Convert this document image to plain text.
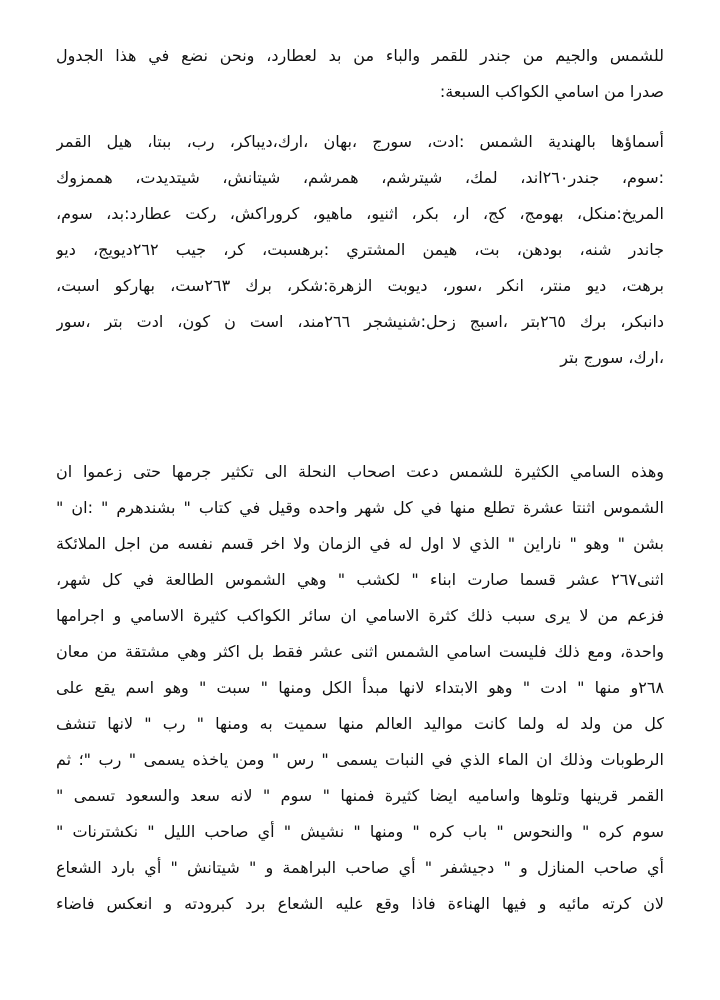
للشمس والجيم من جندر للقمر والباء من بد لعطارد، ونحن نضع في هذا الجدول
صدرا من اسامي الكواكب السبعة:
أسماؤها بالهندية الشمس :ادت، سورج ،بهان ،ارك،ديباكر، رب، ببتا، هيل القمر
:سوم، جندر٢٦٠اند، لمك، شيترشم، همرشم، شيتانش، شيتديدت، هممزوك
المريخ:منكل، بهومج، كج، ار، بكر، اثنيو، ماهيو، كروراكش، ركت عطارد:بد، سوم،
جاندر شنه، بودهن، بت، هيمن المشتري :برهسبت، كر، جيب ٢٦٢ديويج، ديو
برهت، ديو منتر، انكر ،سور، ديوبت الزهرة:شكر، برك ٢٦٣ست، بهاركو اسبت،
دانبكر، برك ٢٦٥بتر ،اسبج زحل:شنيشجر ٢٦٦مند، است ن كون، ادت بتر ،سور
،ارك، سورج بتر
وهذه السامي الكثيرة للشمس دعت اصحاب النحلة الى تكثير جرمها حتى زعموا ان
الشموس اثنتا عشرة تطلع منها في كل شهر واحده وقيل في كتاب " بشندهرم " :ان "
بشن " وهو " ناراين " الذي لا اول له في الزمان ولا اخر قسم نفسه من اجل الملائكة
اثنى٢٦٧ عشر قسما صارت ابناء " لكشب " وهي الشموس الطالعة في كل شهر،
فزعم من لا يرى سبب ذلك كثرة الاسامي ان سائر الكواكب كثيرة الاسامي و اجرامها
واحدة، ومع ذلك فليست اسامي الشمس اثنى عشر فقط بل اكثر وهي مشتقة من معان
٢٦٨و منها " ادت " وهو الابتداء لانها مبدأ الكل ومنها " سبت " وهو اسم يقع على
كل من ولد له ولما كانت مواليد العالم منها سميت به ومنها " رب " لانها تنشف
الرطوبات وذلك ان الماء الذي في النبات يسمى " رس " ومن ياخذه يسمى " رب "؛ ثم
القمر قرينها وتلوها واساميه ايضا كثيرة فمنها " سوم " لانه سعد والسعود تسمى "
سوم كره " والنحوس " باب كره " ومنها " نشيش " أي صاحب الليل " نكشترنات "
أي صاحب المنازل و " دجيشفر " أي صاحب البراهمة و " شيتانش " أي بارد الشعاع
لان كرته مائيه و فيها الهناءة فاذا وقع عليه الشعاع برد كبرودته و انعكس فاضاء
